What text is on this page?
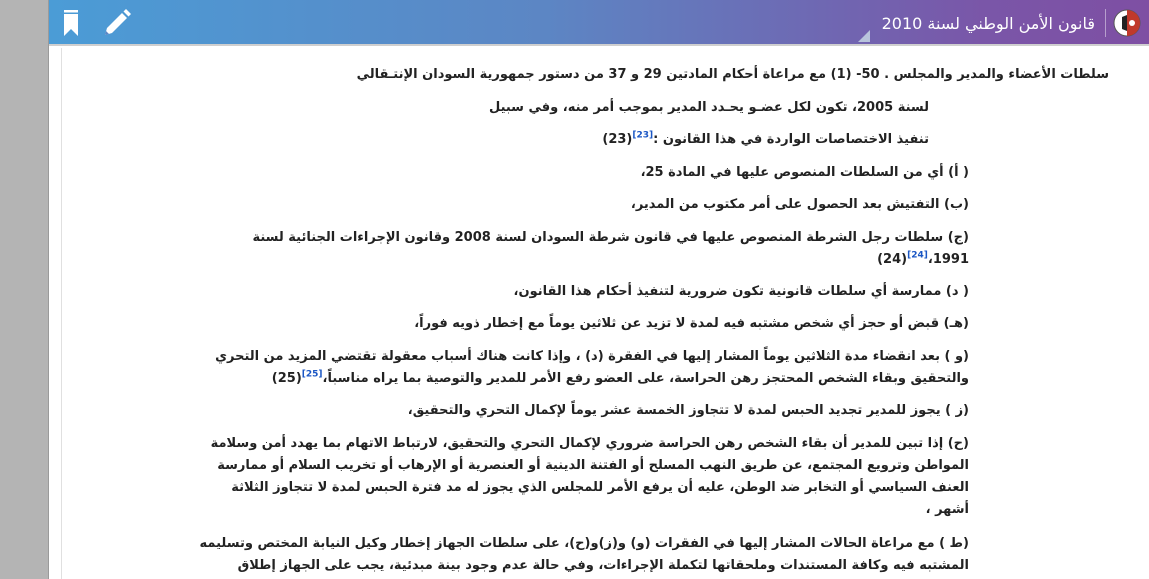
قانون الأمن الوطني لسنة 2010
سلطات الأعضاء والمدير والمجلس . 50- (1) مع مراعاة أحكام المادتين 29 و 37 من دستور جمهورية السودان الإنتـقالي
لسنة 2005، تكون لكل عضـو يحـدد المدير بموجب أمر منه، وفي سبيل
تنفيذ الاختصاصات الواردة في هذا القانون :[23](23)
( أ) أي من السلطات المنصوص عليها في المادة 25،
(ب) التفتيش بعد الحصول على أمر مكتوب من المدير،
(ج) سلطات رجل الشرطة المنصوص عليها في قانون شرطة السودان لسنة 2008 وقانون الإجراءات الجنائية لسنة
1991،[24](24)
( د) ممارسة أي سلطات قانونية تكون ضرورية لتنفيذ أحكام هذا القانون،
(هـ) قبض أو حجز أي شخص مشتبه فيه لمدة لا تزيد عن ثلاثين يوماً مع إخطار ذويه فوراً،
(و ) بعد انقضاء مدة الثلاثين يوماً المشار إليها في الفقرة (د) ، وإذا كانت هناك أسباب معقولة تقتضي المزيد من التحري
والتحقيق وبقاء الشخص المحتجز رهن الحراسة، على العضو رفع الأمر للمدير والتوصية بما يراه مناسباً،[25](25)
(ز ) يجوز للمدير تجديد الحبس لمدة لا تتجاوز الخمسة عشر يوماً لإكمال التحري والتحقيق،
(ح) إذا تبين للمدير أن بقاء الشخص رهن الحراسة ضروري لإكمال التحري والتحقيق، لارتباط الاتهام بما يهدد أمن وسلامة
المواطن وترويع المجتمع، عن طريق النهب المسلح أو الفتنة الدينية أو العنصرية أو الإرهاب أو تخريب السلام أو ممارسة
العنف السياسي أو التخابر ضد الوطن، عليه أن يرفع الأمر للمجلس الذي يجوز له مد فترة الحبس لمدة لا تتجاوز الثلاثة
أشهر ،
(ط ) مع مراعاة الحالات المشار إليها في الفقرات (و) و(ز)و(ح)، على سلطات الجهاز إخطار وكيل النيابة المختص وتسليمه
المشتبه فيه وكافة المستندات وملحقاتها لتكملة الإجراءات، وفي حالة عدم وجود بينة مبدئية، يجب على الجهاز إطلاق
